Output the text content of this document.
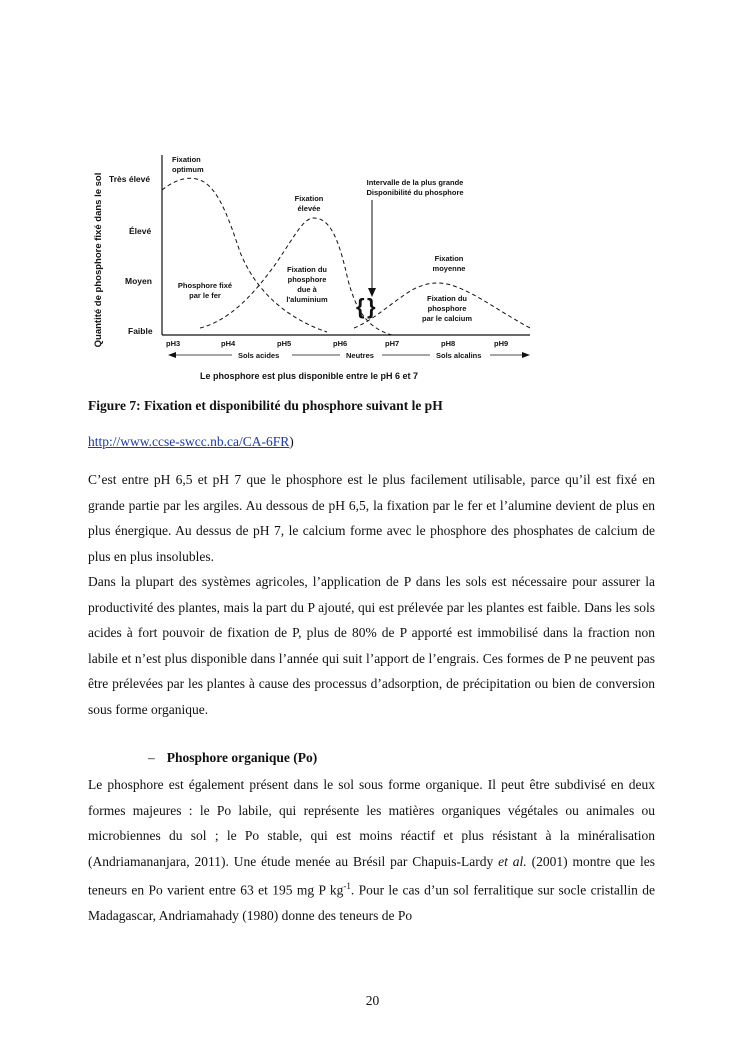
Quantité de phosphore fixé dans le sol Très élevé
Élevé
Moyen
Faible
pH3	pH4	pH5	pH6	pH7	pH8	pH9
Sols acides	Neutres	Sols alcalins
Le phosphore est plus disponible entre le pH 6 et 7
Fixation
optimum
Fixation
élevée
Intervalle de la plus grande
Disponibilité du phosphore
{ }
Fixation
moyenne
Phosphore fixé
par le fer
Fixation du
phosphore
due à
l'aluminium	Fixation du
phosphore
par le calcium
Figure 7: Fixation et disponibilité du phosphore suivant le pH
http://www.ccse-swcc.nb.ca/CA-6FR)

C’est entre pH 6,5 et pH 7 que le phosphore est le plus facilement utilisable, parce qu’il est fixé en grande partie par les argiles. Au dessous de pH 6,5, la fixation par le fer et l’alumine devient de plus en plus énergique. Au dessus de pH 7, le calcium forme avec le phosphore des phosphates de calcium de plus en plus insolubles.

Dans la plupart des systèmes agricoles, l’application de P dans les sols est nécessaire pour assurer la productivité des plantes, mais la part du P ajouté, qui est prélevée par les plantes est faible. Dans les sols acides à fort pouvoir de fixation de P, plus de 80% de P apporté est immobilisé dans la fraction non labile et n’est plus disponible dans l’année qui suit l’apport de l’engrais. Ces formes de P ne peuvent pas être prélevées par les plantes à cause des processus d’adsorption, de précipitation ou bien de conversion sous forme organique.

– Phosphore organique (Po)

Le phosphore est également présent dans le sol sous forme organique. Il peut être subdivisé en deux formes majeures : le Po labile, qui représente les matières organiques végétales ou animales ou microbiennes du sol ; le Po stable, qui est moins réactif et plus résistant à la minéralisation (Andriamananjara, 2011). Une étude menée au Brésil par Chapuis-Lardy et al. (2001) montre que les teneurs en Po varient entre 63 et 195 mg P $kg^{-1}$. Pour le cas d’un sol ferralitique sur socle cristallin de Madagascar, Andriamahady (1980) donne des teneurs de Po

20
